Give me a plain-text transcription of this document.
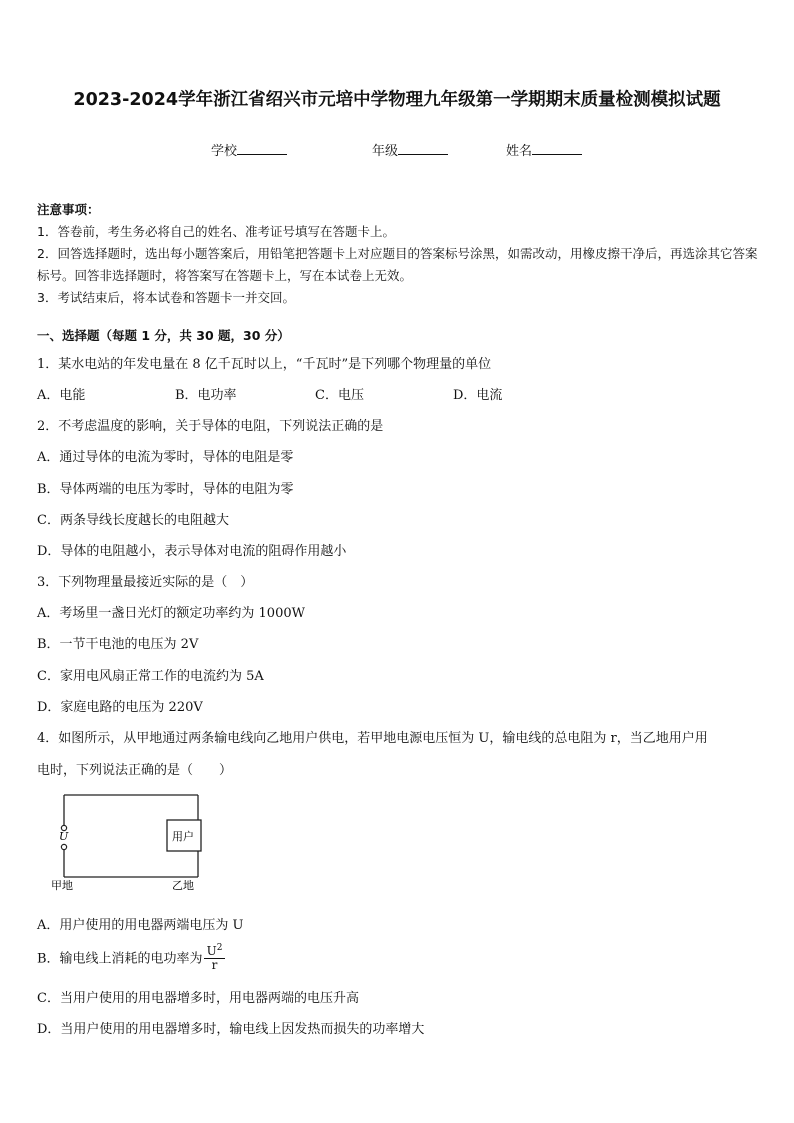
2023-2024学年浙江省绍兴市元培中学物理九年级第一学期期末质量检测模拟试题
学校	年级	姓名
注意事项：
1．答卷前，考生务必将自己的姓名、准考证号填写在答题卡上。
2．回答选择题时，选出每小题答案后，用铅笔把答题卡上对应题目的答案标号涂黑，如需改动，用橡皮擦干净后，再选涂其它答案标号。回答非选择题时，将答案写在答题卡上，写在本试卷上无效。
3．考试结束后，将本试卷和答题卡一并交回。
一、选择题（每题 1 分，共 30 题，30 分）
1．某水电站的年发电量在 8 亿千瓦时以上，“千瓦时”是下列哪个物理量的单位
A．电能	B．电功率	C．电压	D．电流
2．不考虑温度的影响，关于导体的电阻，下列说法正确的是
A．通过导体的电流为零时，导体的电阻是零
B．导体两端的电压为零时，导体的电阻为零
C．两条导线长度越长的电阻越大
D．导体的电阻越小，表示导体对电流的阻碍作用越小
3．下列物理量最接近实际的是（　）
A．考场里一盏日光灯的额定功率约为 1000W
B．一节干电池的电压为 2V
C．家用电风扇正常工作的电流约为 5A
D．家庭电路的电压为 220V
4．如图所示，从甲地通过两条输电线向乙地用户供电，若甲地电源电压恒为 U，输电线的总电阻为 r，当乙地用户用
电时，下列说法正确的是（　　）
U	用户
甲地	乙地
A．用户使用的用电器两端电压为 U
B．输电线上消耗的电功率为 $\frac{U^2}{r}$
C．当用户使用的用电器增多时，用电器两端的电压升高
D．当用户使用的用电器增多时，输电线上因发热而损失的功率增大
